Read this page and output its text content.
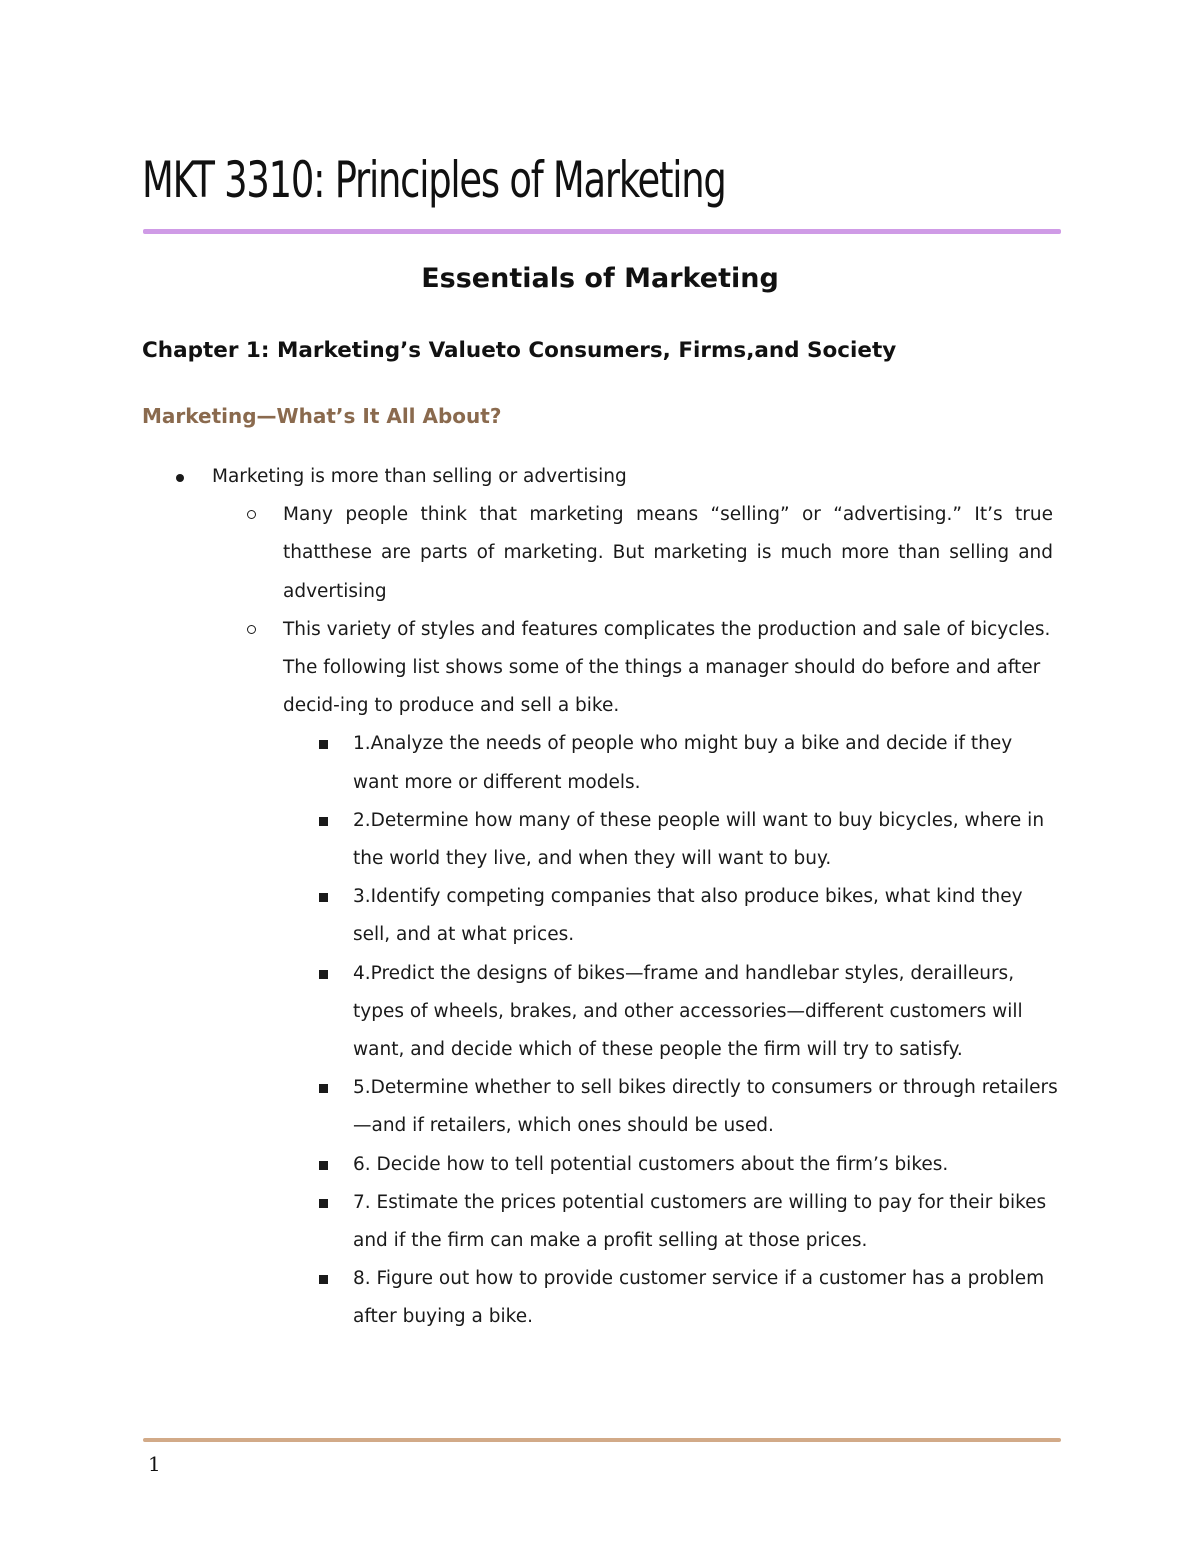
MKT 3310: Principles of Marketing
Essentials of Marketing
Chapter 1: Marketing’s Valueto Consumers, Firms,and Society
Marketing—What’s It All About?
Marketing is more than selling or advertising
Many people think that marketing means “selling” or “advertising.” It’s true thatthese are parts of marketing. But marketing is much more than selling and advertising
This variety of styles and features complicates the production and sale of bicycles. The following list shows some of the things a manager should do before and after decid-ing to produce and sell a bike.
1.Analyze the needs of people who might buy a bike and decide if they want more or different models.
2.Determine how many of these people will want to buy bicycles, where in the world they live, and when they will want to buy.
3.Identify competing companies that also produce bikes, what kind they sell, and at what prices.
4.Predict the designs of bikes—frame and handlebar styles, derailleurs, types of wheels, brakes, and other accessories—different customers will want, and decide which of these people the firm will try to satisfy.
5.Determine whether to sell bikes directly to consumers or through retailers—and if retailers, which ones should be used.
6. Decide how to tell potential customers about the firm’s bikes.
7. Estimate the prices potential customers are willing to pay for their bikes and if the firm can make a profit selling at those prices.
8. Figure out how to provide customer service if a customer has a problem after buying a bike.
1
